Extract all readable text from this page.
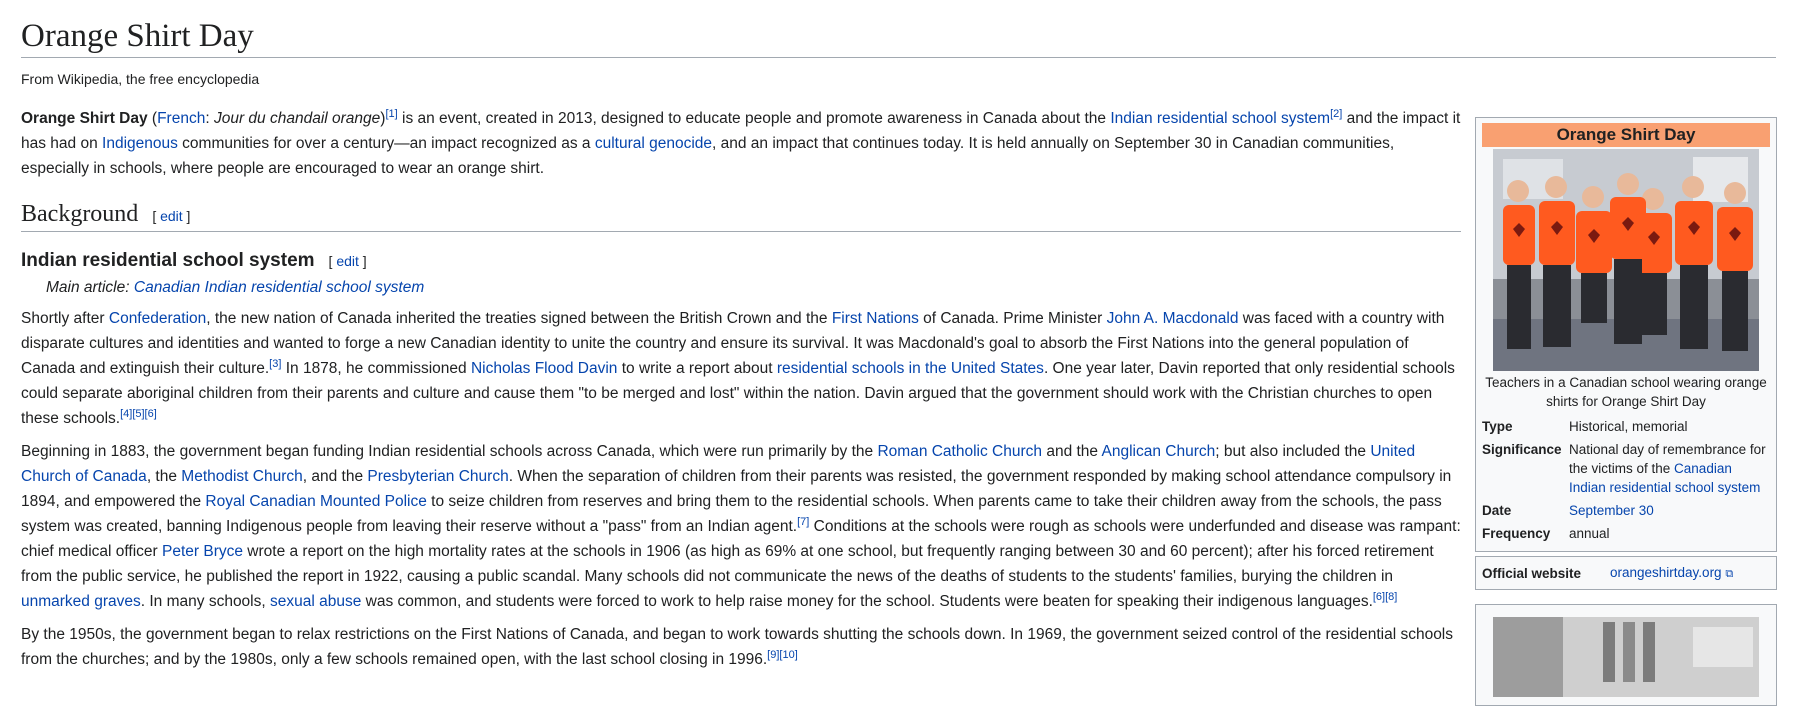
Orange Shirt Day
From Wikipedia, the free encyclopedia

Orange Shirt Day (French: Jour du chandail orange)[1] is an event, created in 2013, designed to educate people and promote awareness in Canada about the Indian residential school system[2] and the impact it has had on Indigenous communities for over a century—an impact recognized as a cultural genocide, and an impact that continues today. It is held annually on September 30 in Canadian communities, especially in schools, where people are encouraged to wear an orange shirt.

Background [ edit ]
Indian residential school system [ edit ]
Main article: Canadian Indian residential school system

Shortly after Confederation, the new nation of Canada inherited the treaties signed between the British Crown and the First Nations of Canada. Prime Minister John A. Macdonald was faced with a country with disparate cultures and identities and wanted to forge a new Canadian identity to unite the country and ensure its survival. It was Macdonald's goal to absorb the First Nations into the general population of Canada and extinguish their culture.[3] In 1878, he commissioned Nicholas Flood Davin to write a report about residential schools in the United States. One year later, Davin reported that only residential schools could separate aboriginal children from their parents and culture and cause them "to be merged and lost" within the nation. Davin argued that the government should work with the Christian churches to open these schools.[4][5][6]

Beginning in 1883, the government began funding Indian residential schools across Canada, which were run primarily by the Roman Catholic Church and the Anglican Church; but also included the United Church of Canada, the Methodist Church, and the Presbyterian Church. When the separation of children from their parents was resisted, the government responded by making school attendance compulsory in 1894, and empowered the Royal Canadian Mounted Police to seize children from reserves and bring them to the residential schools. When parents came to take their children away from the schools, the pass system was created, banning Indigenous people from leaving their reserve without a "pass" from an Indian agent.[7] Conditions at the schools were rough as schools were underfunded and disease was rampant: chief medical officer Peter Bryce wrote a report on the high mortality rates at the schools in 1906 (as high as 69% at one school, but frequently ranging between 30 and 60 percent); after his forced retirement from the public service, he published the report in 1922, causing a public scandal. Many schools did not communicate the news of the deaths of students to the students' families, burying the children in unmarked graves. In many schools, sexual abuse was common, and students were forced to work to help raise money for the school. Students were beaten for speaking their indigenous languages.[6][8]

By the 1950s, the government began to relax restrictions on the First Nations of Canada, and began to work towards shutting the schools down. In 1969, the government seized control of the residential schools from the churches; and by the 1980s, only a few schools remained open, with the last school closing in 1996.[9][10]

Orange Shirt Day
Teachers in a Canadian school wearing orange shirts for Orange Shirt Day
Type	Historical, memorial
Significance National day of remembrance for the victims of the Canadian Indian residential school system
Date	September 30
Frequency	annual
Official website	orangeshirtday.org ⧉
